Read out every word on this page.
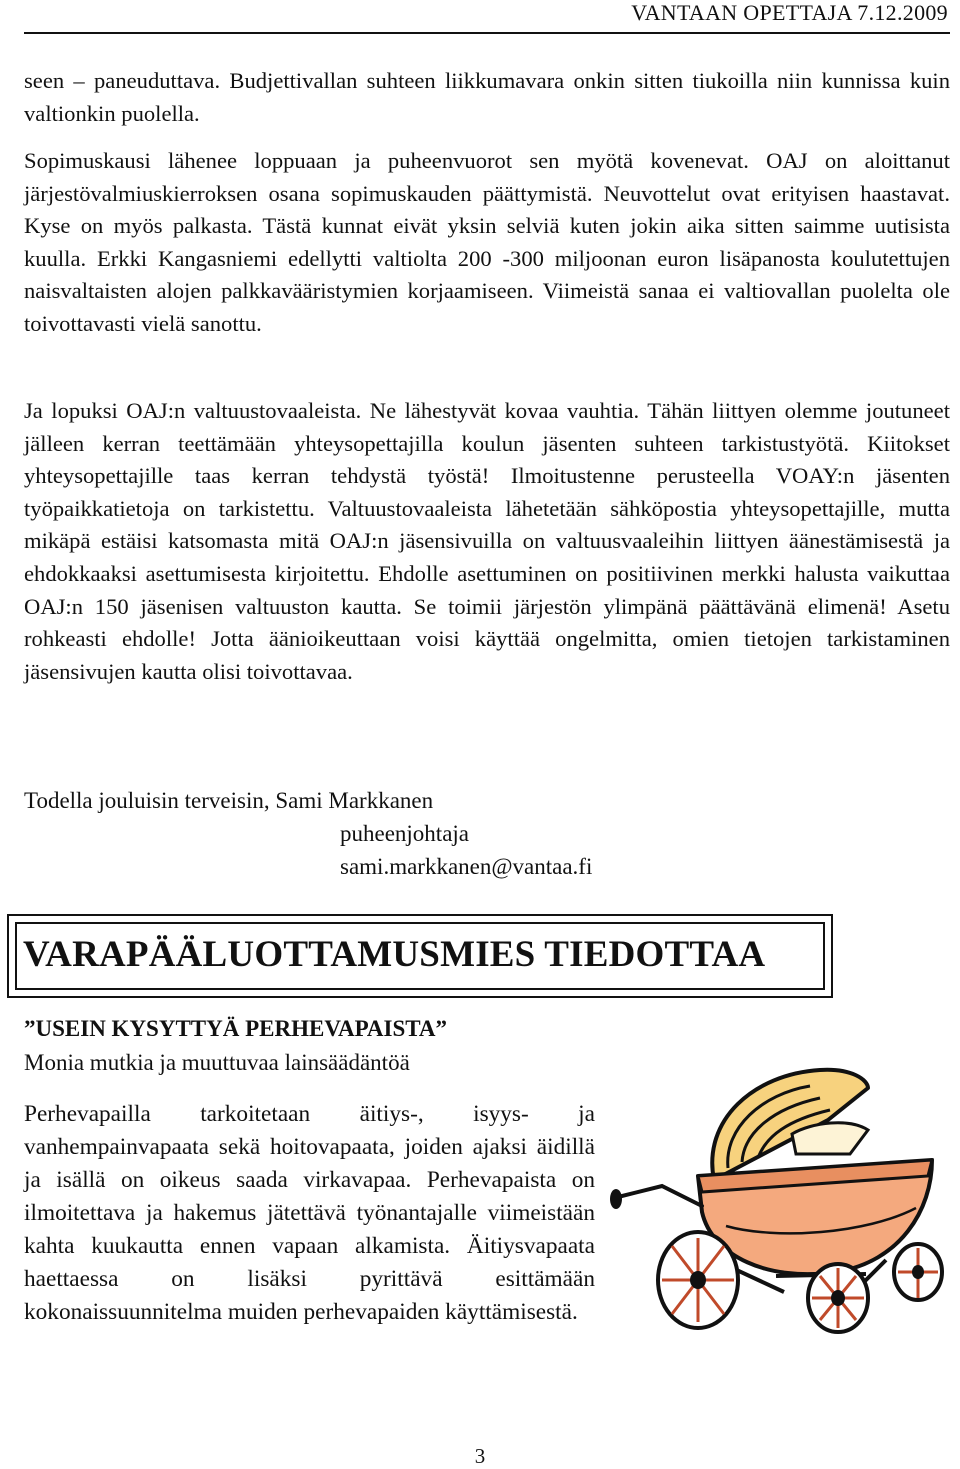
VANTAAN OPETTAJA 7.12.2009

seen – paneuduttava. Budjettivallan suhteen liikkumavara onkin sitten tiukoilla niin kunnissa kuin valtionkin puolella.

Sopimuskausi lähenee loppuaan ja puheenvuorot sen myötä kovenevat. OAJ on aloittanut järjestövalmiuskierroksen osana sopimuskauden päättymistä. Neuvottelut ovat erityisen haastavat. Kyse on myös palkasta. Tästä kunnat eivät yksin selviä kuten jokin aika sitten saimme uutisista kuulla. Erkki Kangasniemi edellytti valtiolta 200 -300 miljoonan euron lisäpanosta koulutettujen naisvaltaisten alojen palkkavääristymien korjaamiseen. Viimeistä sanaa ei valtiovallan puolelta ole toivottavasti vielä sanottu.

Ja lopuksi OAJ:n valtuustovaaleista. Ne lähestyvät kovaa vauhtia. Tähän liittyen olemme joutuneet jälleen kerran teettämään yhteysopettajilla koulun jäsenten suhteen tarkistustyötä. Kiitokset yhteysopettajille taas kerran tehdystä työstä! Ilmoitustenne perusteella VOAY:n jäsenten työpaikkatietoja on tarkistettu. Valtuustovaaleista lähetetään sähköpostia yhteysopettajille, mutta mikäpä estäisi katsomasta mitä OAJ:n jäsensivuilla on valtuusvaaleihin liittyen äänestämisestä ja ehdokkaaksi asettumisesta kirjoitettu. Ehdolle asettuminen on positiivinen merkki halusta vaikuttaa OAJ:n 150 jäsenisen valtuuston kautta. Se toimii järjestön ylimpänä päättävänä elimenä! Asetu rohkeasti ehdolle! Jotta äänioikeuttaan voisi käyttää ongelmitta, omien tietojen tarkistaminen jäsensivujen kautta olisi toivottavaa.

Todella jouluisin terveisin, Sami Markkanen
puheenjohtaja
sami.markkanen@vantaa.fi
VARAPÄÄLUOTTAMUSMIES TIEDOTTAA
”USEIN KYSYTTYÄ PERHEVAPAISTA”
Monia mutkia ja muuttuvaa lainsäädäntöä

Perhevapailla tarkoitetaan äitiys-, isyys- ja vanhempainvapaata sekä hoitovapaata, joiden ajaksi äidillä ja isällä on oikeus saada virkavapaa. Perhevapaista on ilmoitettava ja hakemus jätettävä työnantajalle viimeistään kahta kuukautta ennen vapaan alkamista. Äitiysvapaata haettaessa on lisäksi pyrittävä esittämään kokonaissuunnitelma muiden perhevapaiden käyttämisestä.

3
